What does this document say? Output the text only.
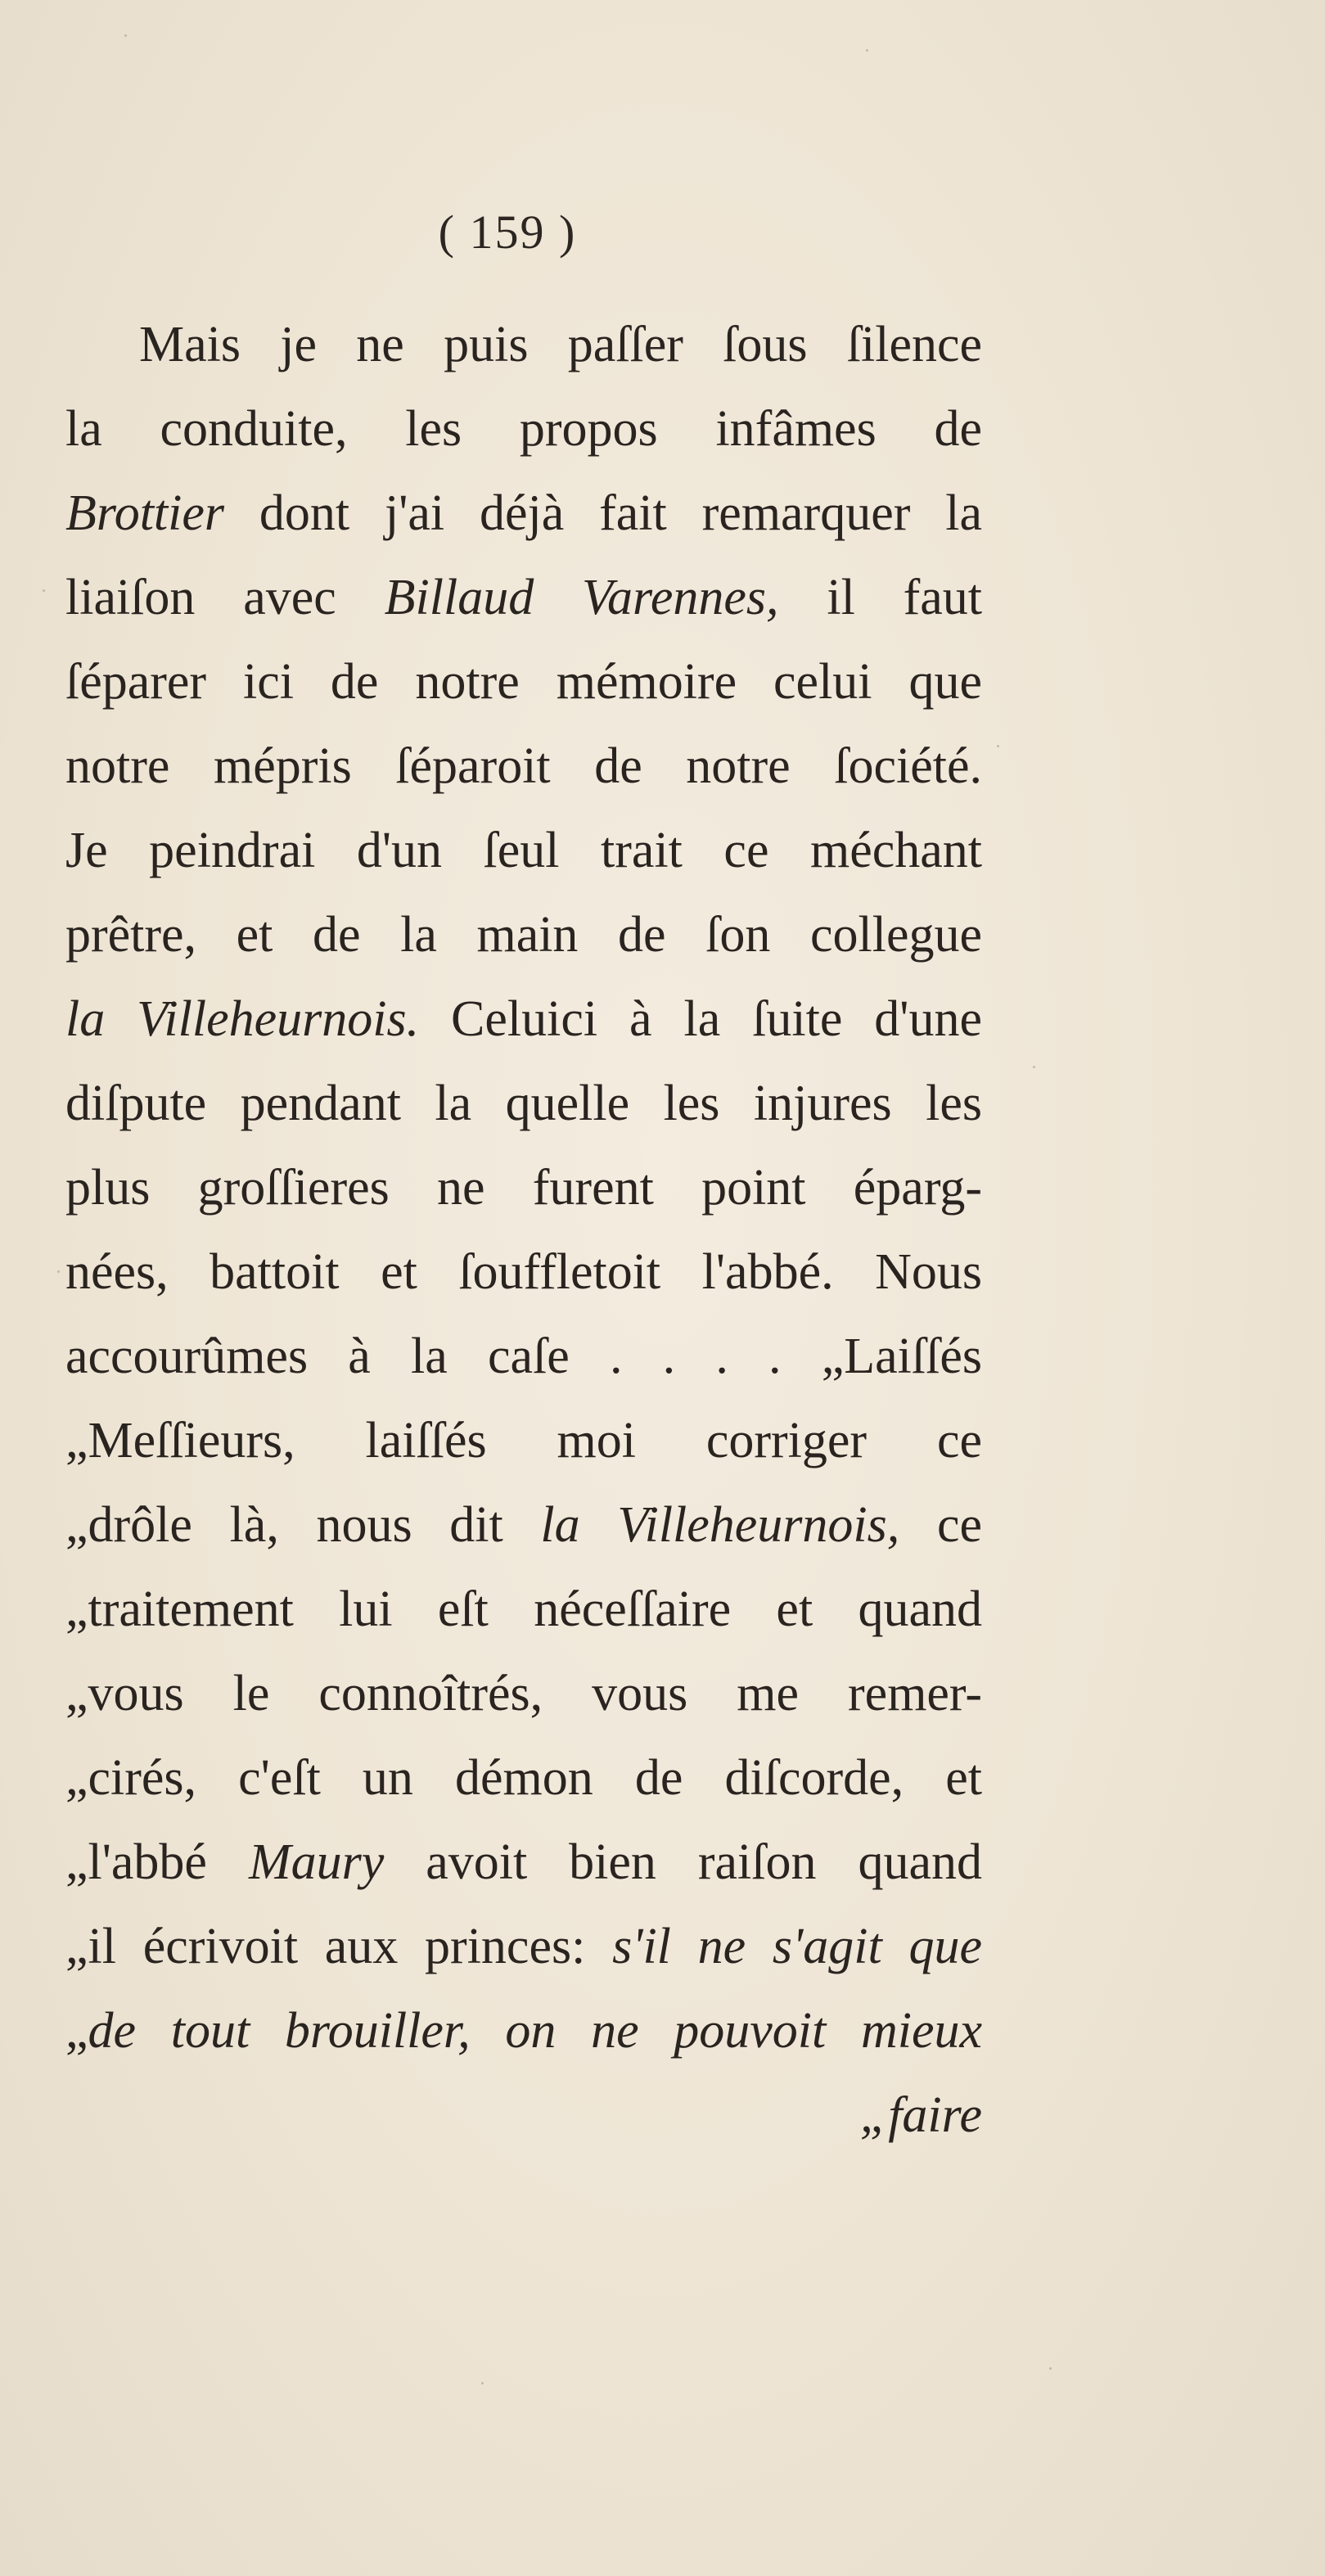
( 159 )
Mais je ne puis paſſer ſous ſilence
la conduite, les propos infâmes de
Brottier dont j'ai déjà fait remarquer la
liaiſon avec Billaud Varennes, il faut
ſéparer ici de notre mémoire celui que
notre mépris ſéparoit de notre ſociété.
Je peindrai d'un ſeul trait ce méchant
prêtre, et de la main de ſon collegue
la Villeheurnois. Celuici à la ſuite d'une
diſpute pendant la quelle les injures les
plus groſſieres ne furent point éparg-
nées, battoit et ſouffletoit l'abbé. Nous
accourûmes à la caſe . . . . „Laiſſés
„Meſſieurs, laiſſés moi corriger ce
„drôle là, nous dit la Villeheurnois, ce
„traitement lui eſt néceſſaire et quand
„vous le connoîtrés, vous me remer-
„cirés, c'eſt un démon de diſcorde, et
„l'abbé Maury avoit bien raiſon quand
„il écrivoit aux princes: s'il ne s'agit que
„de tout brouiller, on ne pouvoit mieux
„faire
